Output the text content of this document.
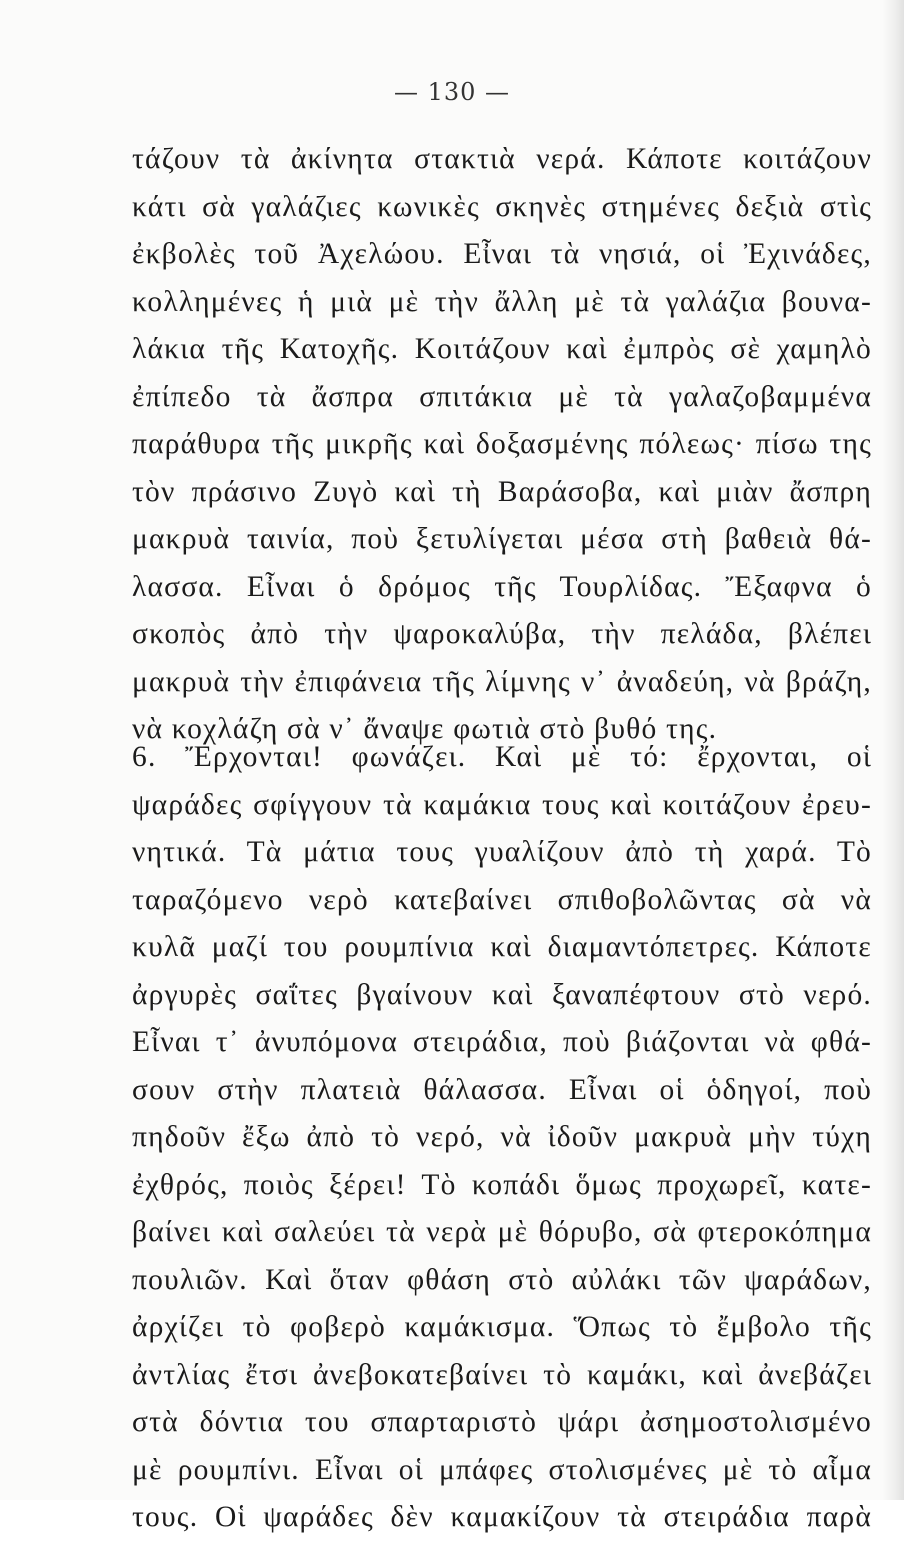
— 130 —
τάζουν τὰ ἀκίνητα στακτιὰ νερά. Κάποτε κοιτάζουν
κάτι σὰ γαλάζιες κωνικὲς σκηνὲς στημένες δεξιὰ στὶς
ἐκβολὲς τοῦ Ἀχελώου. Εἶναι τὰ νησιά, οἱ Ἐχινάδες,
κολλημένες ἡ μιὰ μὲ τὴν ἄλλη μὲ τὰ γαλάζια βουνα-
λάκια τῆς Κατοχῆς. Κοιτάζουν καὶ ἐμπρὸς σὲ χαμηλὸ
ἐπίπεδο τὰ ἄσπρα σπιτάκια μὲ τὰ γαλαζοβαμμένα
παράθυρα τῆς μικρῆς καὶ δοξασμένης πόλεως· πίσω της
τὸν πράσινο Ζυγὸ καὶ τὴ Βαράσοβα, καὶ μιὰν ἄσπρη
μακρυὰ ταινία, ποὺ ξετυλίγεται μέσα στὴ βαθειὰ θά-
λασσα. Εἶναι ὁ δρόμος τῆς Τουρλίδας. Ἔξαφνα ὁ
σκοπὸς ἀπὸ τὴν ψαροκαλύβα, τὴν πελάδα, βλέπει
μακρυὰ τὴν ἐπιφάνεια τῆς λίμνης ν᾿ ἀναδεύη, νὰ βράζη,
νὰ κοχλάζη σὰ ν᾿ ἄναψε φωτιὰ στὸ βυθό της.
6. Ἔρχονται! φωνάζει. Καὶ μὲ τό: ἔρχονται, οἱ
ψαράδες σφίγγουν τὰ καμάκια τους καὶ κοιτάζουν ἐρευ-
νητικά. Τὰ μάτια τους γυαλίζουν ἀπὸ τὴ χαρά. Τὸ
ταραζόμενο νερὸ κατεβαίνει σπιθοβολῶντας σὰ νὰ
κυλᾶ μαζί του ρουμπίνια καὶ διαμαντόπετρες. Κάποτε
ἀργυρὲς σαΐτες βγαίνουν καὶ ξαναπέφτουν στὸ νερό.
Εἶναι τ᾿ ἀνυπόμονα στειράδια, ποὺ βιάζονται νὰ φθά-
σουν στὴν πλατειὰ θάλασσα. Εἶναι οἱ ὁδηγοί, ποὺ
πηδοῦν ἔξω ἀπὸ τὸ νερό, νὰ ἰδοῦν μακρυὰ μὴν τύχη
ἐχθρός, ποιὸς ξέρει! Τὸ κοπάδι ὅμως προχωρεῖ, κατε-
βαίνει καὶ σαλεύει τὰ νερὰ μὲ θόρυβο, σὰ φτεροκόπημα
πουλιῶν. Καὶ ὅταν φθάση στὸ αὐλάκι τῶν ψαράδων,
ἀρχίζει τὸ φοβερὸ καμάκισμα. Ὅπως τὸ ἔμβολο τῆς
ἀντλίας ἔτσι ἀνεβοκατεβαίνει τὸ καμάκι, καὶ ἀνεβάζει
στὰ δόντια του σπαρταριστὸ ψάρι ἀσημοστολισμένο
μὲ ρουμπίνι. Εἶναι οἱ μπάφες στολισμένες μὲ τὸ αἷμα
τους. Οἱ ψαράδες δὲν καμακίζουν τὰ στειράδια παρὰ
